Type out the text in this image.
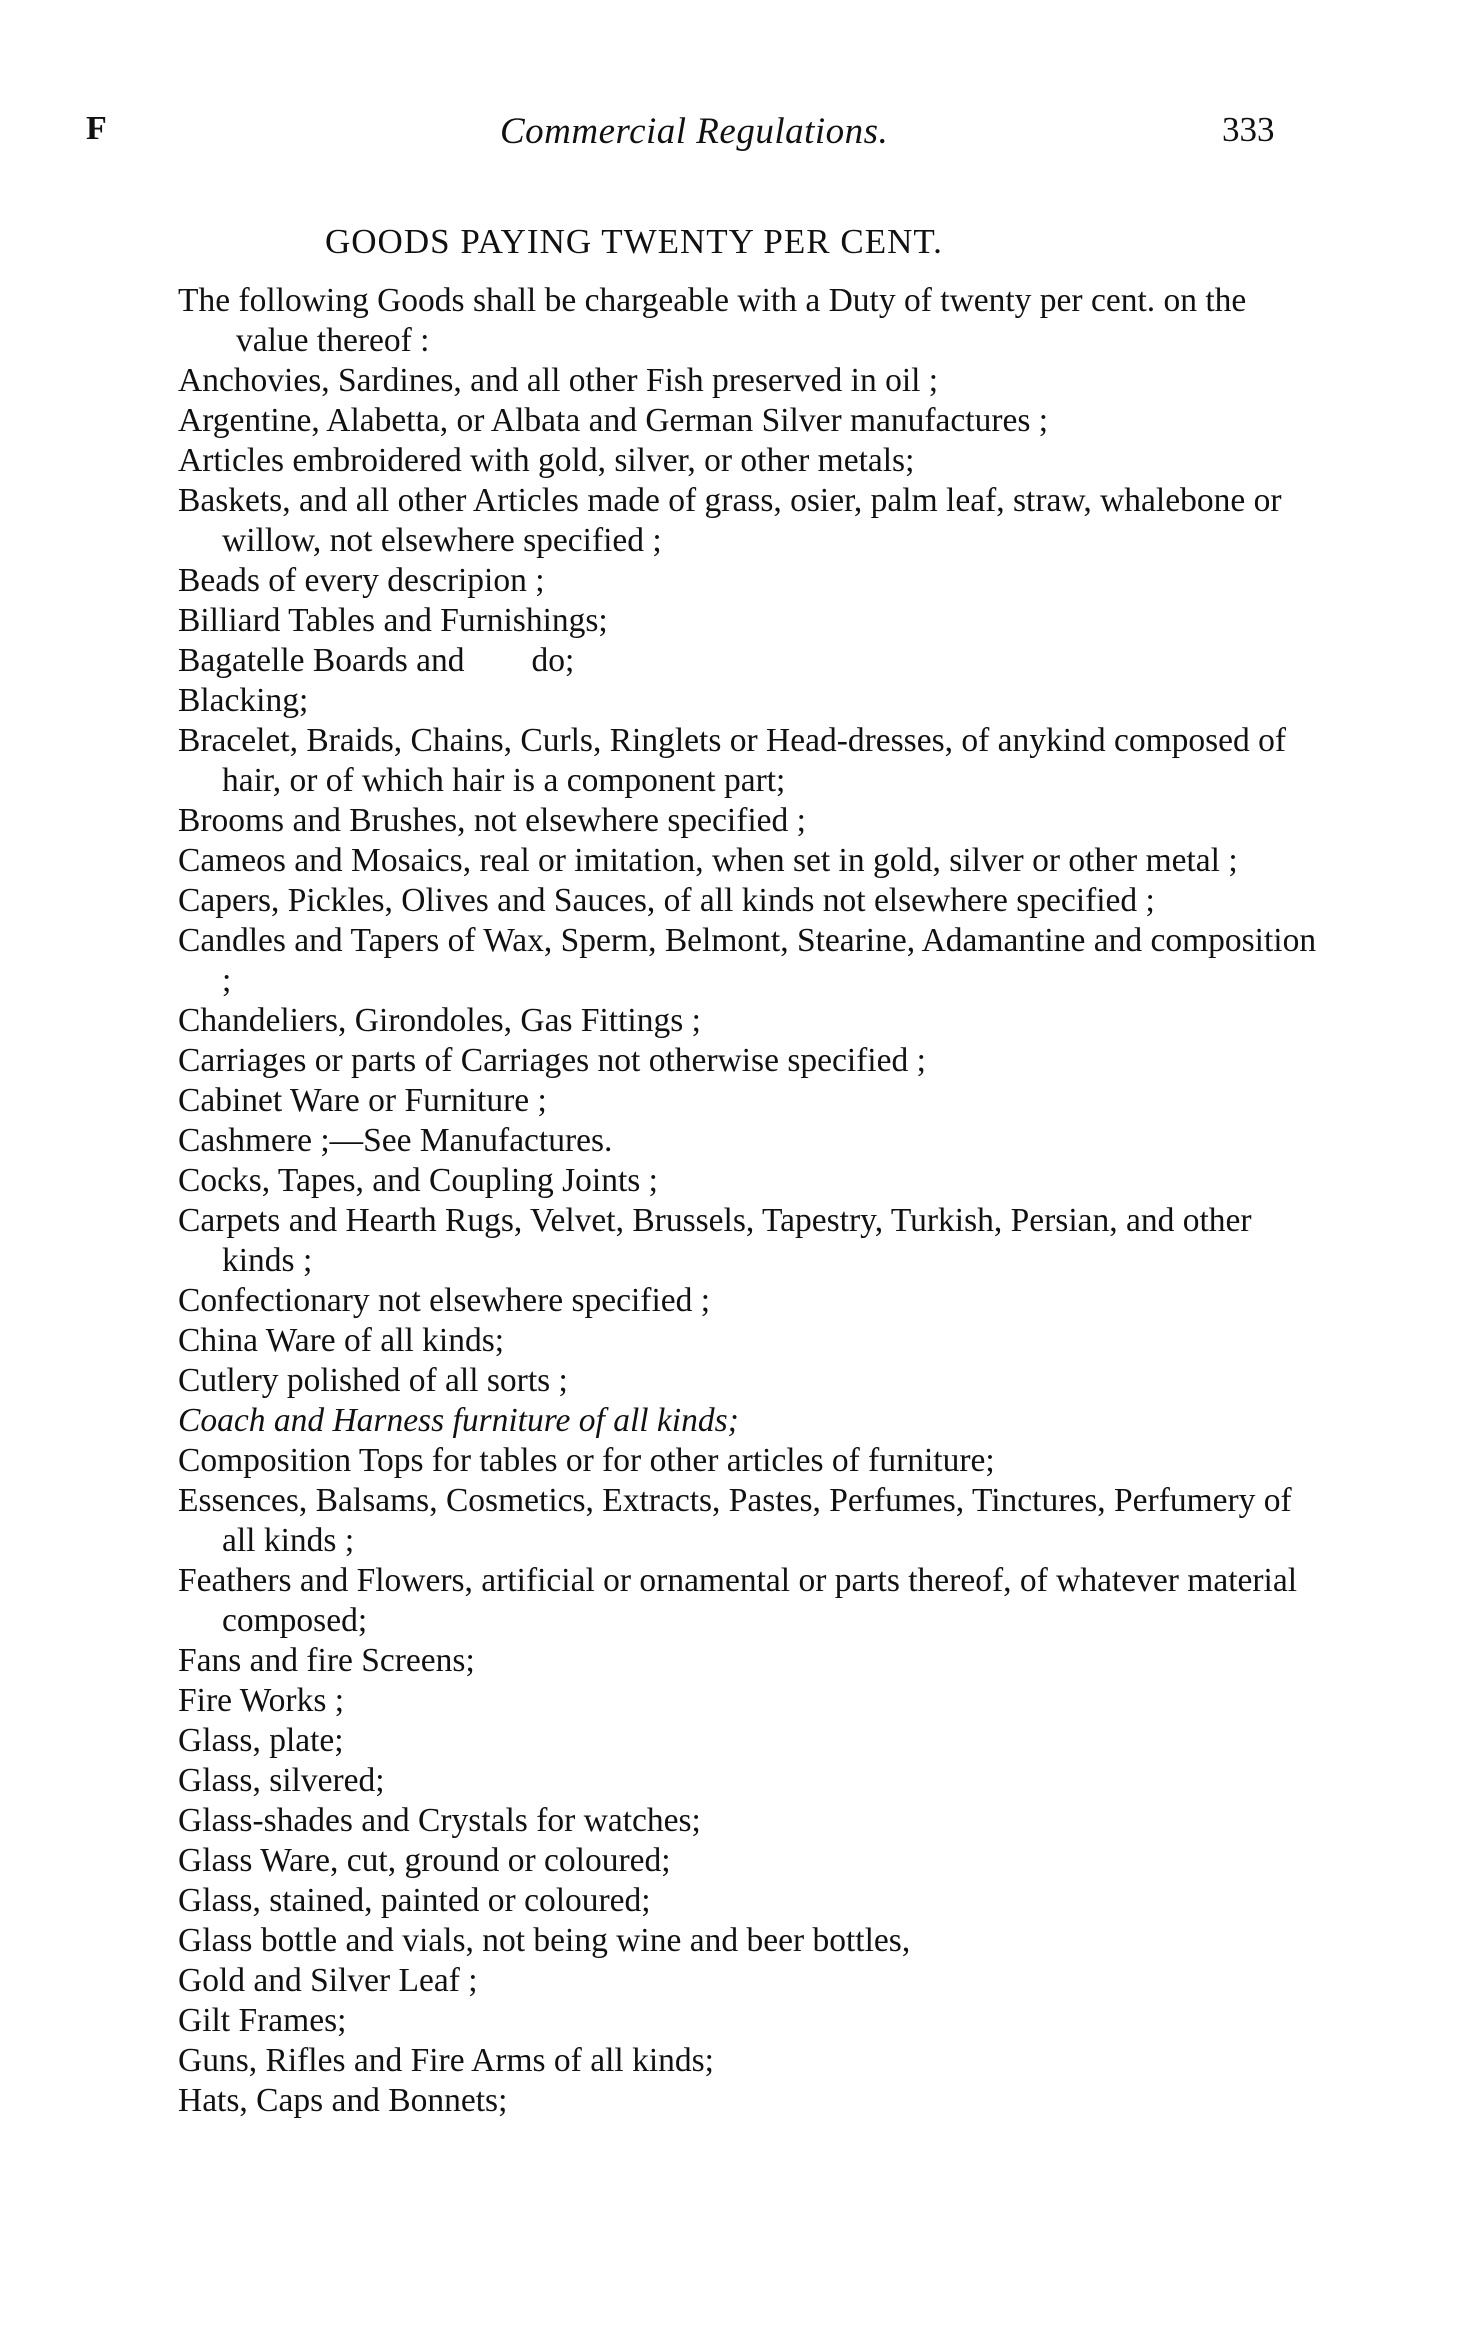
F	Commercial Regulations.	333
GOODS PAYING TWENTY PER CENT.
The following Goods shall be chargeable with a Duty of twenty per cent. on the value thereof :
Anchovies, Sardines, and all other Fish preserved in oil ;
Argentine, Alabetta, or Albata and German Silver manufactures ;
Articles embroidered with gold, silver, or other metals;
Baskets, and all other Articles made of grass, osier, palm leaf, straw, whalebone or willow, not elsewhere specified ;
Beads of every descripion ;
Billiard Tables and Furnishings;
Bagatelle Boards and        do;
Blacking;
Bracelet, Braids, Chains, Curls, Ringlets or Head-dresses, of anykind composed of hair, or of which hair is a component part;
Brooms and Brushes, not elsewhere specified ;
Cameos and Mosaics, real or imitation, when set in gold, silver or other metal ;
Capers, Pickles, Olives and Sauces, of all kinds not elsewhere specified ;
Candles and Tapers of Wax, Sperm, Belmont, Stearine, Adamantine and composition ;
Chandeliers, Girondoles, Gas Fittings ;
Carriages or parts of Carriages not otherwise specified ;
Cabinet Ware or Furniture ;
Cashmere ;—See Manufactures.
Cocks, Tapes, and Coupling Joints ;
Carpets and Hearth Rugs, Velvet, Brussels, Tapestry, Turkish, Persian, and other kinds ;
Confectionary not elsewhere specified ;
China Ware of all kinds;
Cutlery polished of all sorts ;
Coach and Harness furniture of all kinds;
Composition Tops for tables or for other articles of furniture;
Essences, Balsams, Cosmetics, Extracts, Pastes, Perfumes, Tinctures, Perfumery of all kinds ;
Feathers and Flowers, artificial or ornamental or parts thereof, of whatever material composed;
Fans and fire Screens;
Fire Works ;
Glass, plate;
Glass, silvered;
Glass-shades and Crystals for watches;
Glass Ware, cut, ground or coloured;
Glass, stained, painted or coloured;
Glass bottle and vials, not being wine and beer bottles,
Gold and Silver Leaf ;
Gilt Frames;
Guns, Rifles and Fire Arms of all kinds;
Hats, Caps and Bonnets;
